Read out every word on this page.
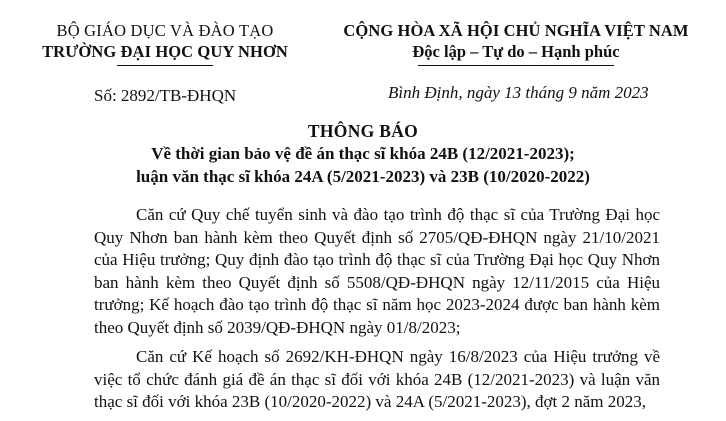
BỘ GIÁO DỤC VÀ ĐÀO TẠO
TRƯỜNG ĐẠI HỌC QUY NHƠN
CỘNG HÒA XÃ HỘI CHỦ NGHĨA VIỆT NAM
Độc lập – Tự do – Hạnh phúc
Số: 2892/TB-ĐHQN	Bình Định, ngày 13 tháng 9 năm 2023
THÔNG BÁO
Về thời gian bảo vệ đề án thạc sĩ khóa 24B (12/2021-2023);
luận văn thạc sĩ khóa 24A (5/2021-2023) và 23B (10/2020-2022)

Căn cứ Quy chế tuyển sinh và đào tạo trình độ thạc sĩ của Trường Đại học Quy Nhơn ban hành kèm theo Quyết định số 2705/QĐ-ĐHQN ngày 21/10/2021 của Hiệu trưởng; Quy định đào tạo trình độ thạc sĩ của Trường Đại học Quy Nhơn ban hành kèm theo Quyết định số 5508/QĐ-ĐHQN ngày 12/11/2015 của Hiệu trưởng; Kế hoạch đào tạo trình độ thạc sĩ năm học 2023-2024 được ban hành kèm theo Quyết định số 2039/QĐ-ĐHQN ngày 01/8/2023;

Căn cứ Kế hoạch số 2692/KH-ĐHQN ngày 16/8/2023 của Hiệu trưởng về việc tổ chức đánh giá đề án thạc sĩ đối với khóa 24B (12/2021-2023) và luận văn thạc sĩ đối với khóa 23B (10/2020-2022) và 24A (5/2021-2023), đợt 2 năm 2023,
